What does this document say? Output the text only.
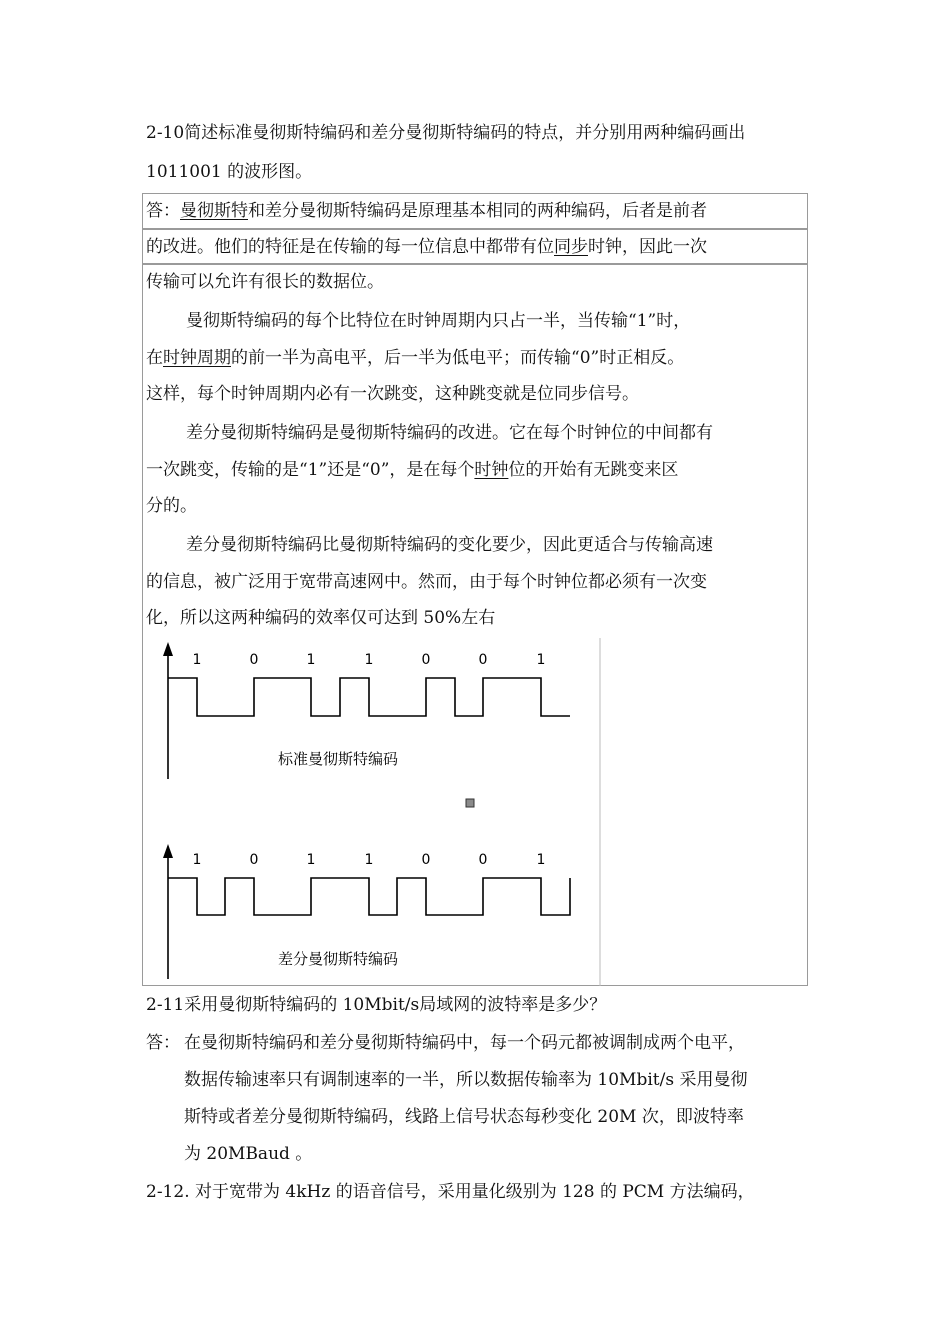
2-10简述标准曼彻斯特编码和差分曼彻斯特编码的特点，并分别用两种编码画出
1011001 的波形图。
答：曼彻斯特和差分曼彻斯特编码是原理基本相同的两种编码，后者是前者
的改进。他们的特征是在传输的每一位信息中都带有位同步时钟，因此一次
传输可以允许有很长的数据位。
曼彻斯特编码的每个比特位在时钟周期内只占一半，当传输“1”时，
在时钟周期的前一半为高电平，后一半为低电平；而传输“0”时正相反。
这样，每个时钟周期内必有一次跳变，这种跳变就是位同步信号。
差分曼彻斯特编码是曼彻斯特编码的改进。它在每个时钟位的中间都有
一次跳变，传输的是“1”还是“0”，是在每个时钟位的开始有无跳变来区
分的。
差分曼彻斯特编码比曼彻斯特编码的变化要少，因此更适合与传输高速
的信息，被广泛用于宽带高速网中。然而，由于每个时钟位都必须有一次变
化，所以这两种编码的效率仅可达到 50%左右
1	0	1	1	0	0	1
标准曼彻斯特编码
1	0	1	1	0	0	1
差分曼彻斯特编码
2-11采用曼彻斯特编码的 10Mbit/s局域网的波特率是多少？
答： 在曼彻斯特编码和差分曼彻斯特编码中，每一个码元都被调制成两个电平，
数据传输速率只有调制速率的一半，所以数据传输率为 10Mbit/s 采用曼彻
斯特或者差分曼彻斯特编码，线路上信号状态每秒变化 20M 次，即波特率
为 20MBaud 。
2-12. 对于宽带为 4kHz 的语音信号，采用量化级别为 128 的 PCM 方法编码，
